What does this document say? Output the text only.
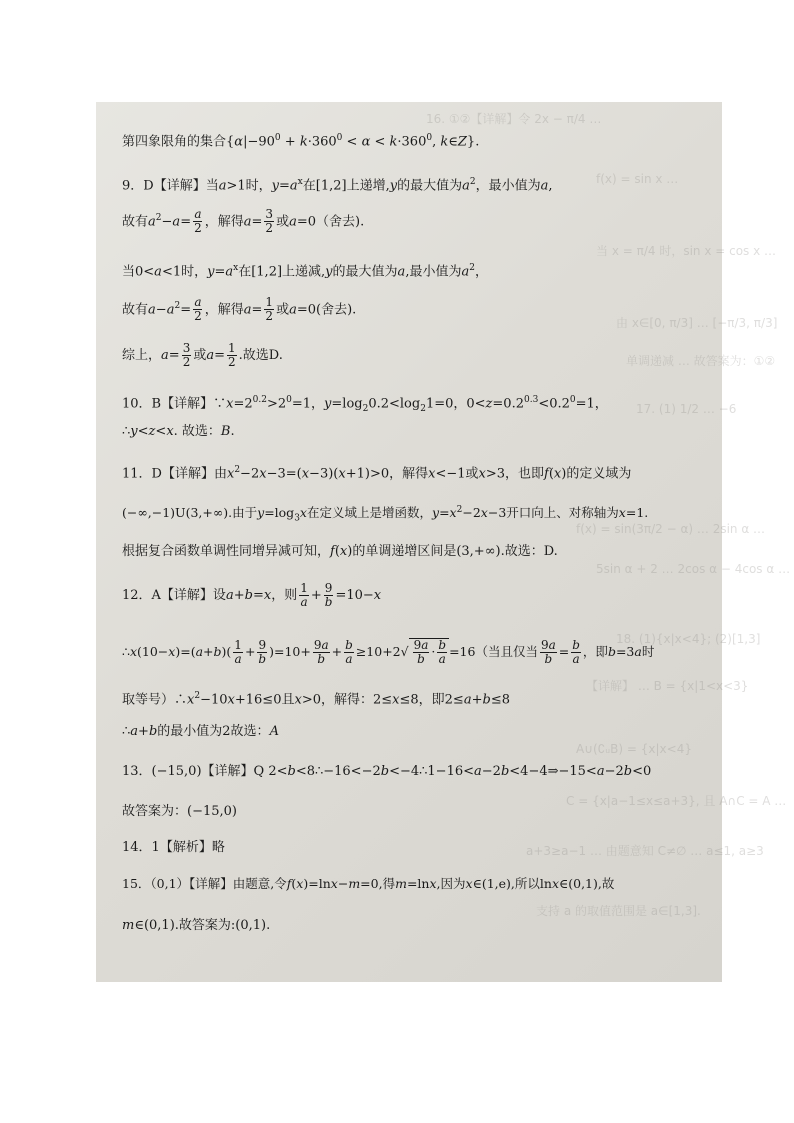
16. ①②【详解】令 2x − π/4 …
f(x) = sin x …
当 x = π/4 时，sin x = cos x …
由 x∈[0, π/3] … [−π/3, π/3]
单调递减 … 故答案为：①②
17. (1) 1/2 … −6
f(x) = sin(3π/2 − α) … 2sin α …
5sin α + 2 … 2cos α − 4cos α …
18. (1){x|x<4}; (2)[1,3]
【详解】 … B = {x|1<x<3}
A∪(∁ᵤB) = {x|x<4}
C = {x|a−1≤x≤a+3}, 且 A∩C = A …
a+3≥a−1 … 由题意知 C≠∅ … a≤1, a≥3
支持 a 的取值范围是 a∈[1,3].
第四象限角的集合{$\alpha|-90^0 + k\cdot 360^0 < \alpha < k\cdot 360^0$, k∈Z}.
9．D【详解】当a>1时，$y=a^x$在[1,2]上递增,y的最大值为$a^2$，最小值为a,
故有$a^2-a= \frac{a}{2}$ ，解得$a= \frac{3}{2}$ 或a=0（舍去).
当0<a<1时，$y=a^x$在[1,2]上递减,y的最大值为a,最小值为$a^2$，
故有$a-a^2= \frac{a}{2}$ ，解得$a= \frac{1}{2}$ 或a=0(舍去).
综上，$a= \frac{3}{2}$ 或$a= \frac{1}{2}$ .故选D.
10．B【详解】$\because x=2^{0.2}>2^0=1$，$y=\log_20.2<\log_21=0$，$0<z=0.2^{0.3}<0.2^0=1$，
∴y<z<x. 故选：B.
11．D【详解】由$x^2-2x-3=(x-3)(x+1)>0$，解得x<−1或x>3，也即f(x)的定义域为
(−∞,−1)U(3,+∞).由于$y=\log_3x$在定义域上是增函数，$y=x^2-2x-3$开口向上、对称轴为x=1.
根据复合函数单调性同增异减可知，f(x)的单调递增区间是(3,+∞).故选：D.
12．A【详解】设a+b=x，则 $\frac{1}{a} + \frac{9}{b} =10-x$
∴x(10−x)=(a+b)( $\frac{1}{a} + \frac{9}{b} )=10+ \frac{9a}{b} + \frac{b}{a} \ge 10+2√ \frac{9a}{b} \cdot \frac{b}{a} =16$（当且仅当 $\frac{9a}{b} = \frac{b}{a}$ ，即b=3a时
取等号）$\therefore x^2-10x+16\le 0$且x>0，解得：2≤x≤8，即2≤a+b≤8
∴a+b的最小值为2故选：A
13．(−15,0)【详解】Q 2<b<8∴−16<−2b<−4∴1−16<a−2b<4−4⇒−15<a−2b<0
故答案为：(−15,0)
14．1【解析】略
15．（0,1）【详解】由题意,令f(x)=lnx−m=0,得m=lnx,因为x∈(1,e),所以lnx∈(0,1),故
m∈(0,1).故答案为:(0,1).
